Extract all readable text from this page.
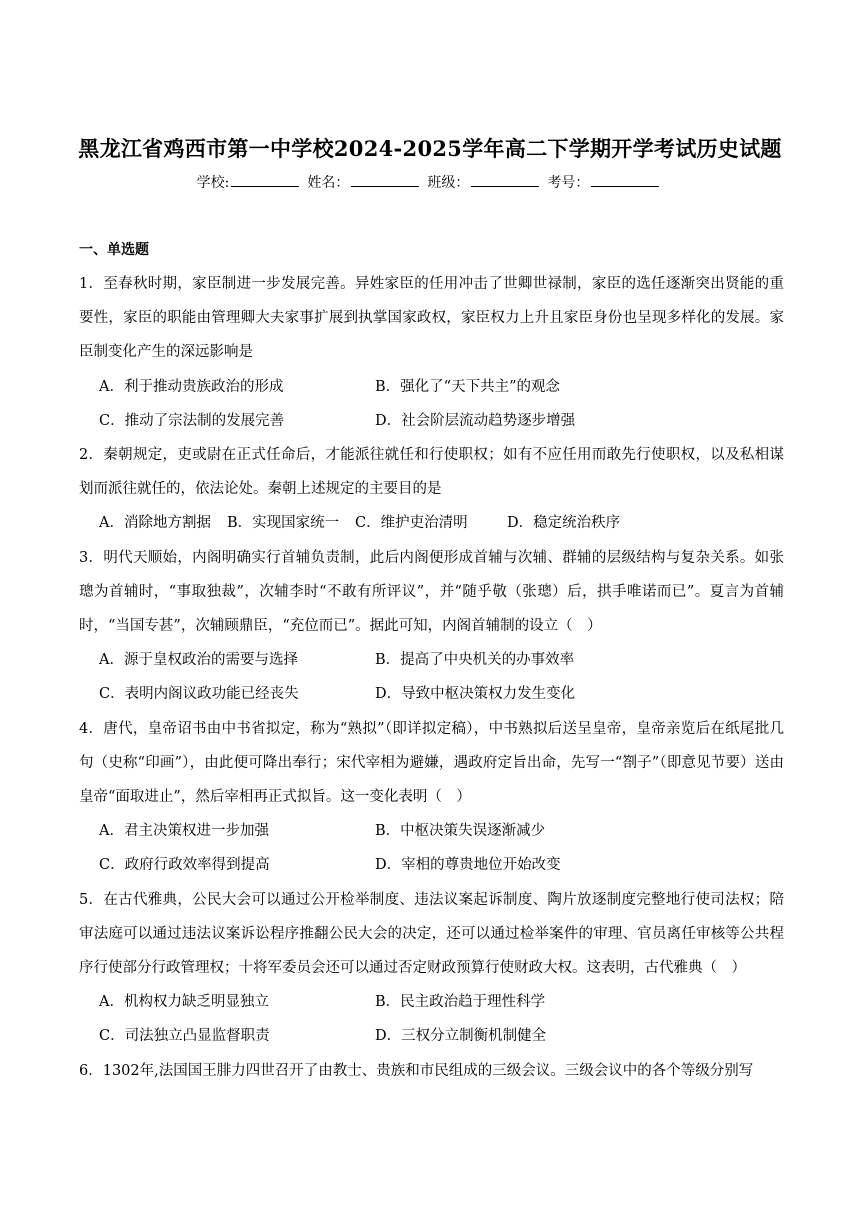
黑龙江省鸡西市第一中学校2024-2025学年高二下学期开学考试历史试题
学校:	姓名：	班级：	考号：
一、单选题
1．至春秋时期，家臣制进一步发展完善。异姓家臣的任用冲击了世卿世禄制，家臣的选任逐渐突出贤能的重要性，家臣的职能由管理卿大夫家事扩展到执掌国家政权，家臣权力上升且家臣身份也呈现多样化的发展。家臣制变化产生的深远影响是
A．利于推动贵族政治的形成	B．强化了“天下共主”的观念
C．推动了宗法制的发展完善	D．社会阶层流动趋势逐步增强
2．秦朝规定，吏或尉在正式任命后，才能派往就任和行使职权；如有不应任用而敢先行使职权，以及私相谋划而派往就任的，依法论处。秦朝上述规定的主要目的是
A．消除地方割据 B．实现国家统一 C．维护吏治清明	D．稳定统治秩序
3．明代天顺始，内阁明确实行首辅负责制，此后内阁便形成首辅与次辅、群辅的层级结构与复杂关系。如张璁为首辅时，“事取独裁”，次辅李时“不敢有所评议”，并“随乎敬（张璁）后，拱手唯诺而已”。夏言为首辅时，“当国专甚”，次辅顾鼎臣，“充位而已”。据此可知，内阁首辅制的设立（　）
A．源于皇权政治的需要与选择	B．提高了中央机关的办事效率
C．表明内阁议政功能已经丧失	D．导致中枢决策权力发生变化
4．唐代，皇帝诏书由中书省拟定，称为“熟拟”（即详拟定稿），中书熟拟后送呈皇帝，皇帝亲览后在纸尾批几句（史称“印画”），由此便可降出奉行；宋代宰相为避嫌，遇政府定旨出命，先写一“劄子”（即意见节要）送由皇帝“面取进止”，然后宰相再正式拟旨。这一变化表明（　）
A．君主决策权进一步加强	B．中枢决策失误逐渐减少
C．政府行政效率得到提高	D．宰相的尊贵地位开始改变
5．在古代雅典，公民大会可以通过公开检举制度、违法议案起诉制度、陶片放逐制度完整地行使司法权；陪审法庭可以通过违法议案诉讼程序推翻公民大会的决定，还可以通过检举案件的审理、官员离任审核等公共程序行使部分行政管理权；十将军委员会还可以通过否定财政预算行使财政大权。这表明，古代雅典（　）
A．机构权力缺乏明显独立	B．民主政治趋于理性科学
C．司法独立凸显监督职责	D．三权分立制衡机制健全
6．1302年,法国国王腓力四世召开了由教士、贵族和市民组成的三级会议。三级会议中的各个等级分别写
